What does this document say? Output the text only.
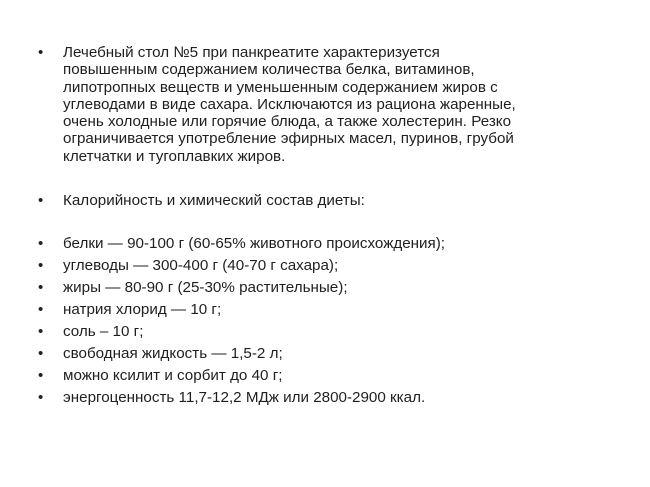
• Лечебный стол №5 при панкреатите характеризуется
повышенным содержанием количества белка, витаминов,
липотропных веществ и уменьшенным содержанием жиров с
углеводами в виде сахара. Исключаются из рациона жаренные,
очень холодные или горячие блюда, а также холестерин. Резко
ограничивается употребление эфирных масел, пуринов, грубой
клетчатки и тугоплавких жиров.
• Калорийность и химический состав диеты:
• белки — 90-100 г (60-65% животного происхождения);
• углеводы — 300-400 г (40-70 г сахара);
• жиры — 80-90 г (25-30% растительные);
• натрия хлорид — 10 г;
• соль – 10 г;
• свободная жидкость — 1,5-2 л;
• можно ксилит и сорбит до 40 г;
• энергоценность 11,7-12,2 МДж или 2800-2900 ккал.
